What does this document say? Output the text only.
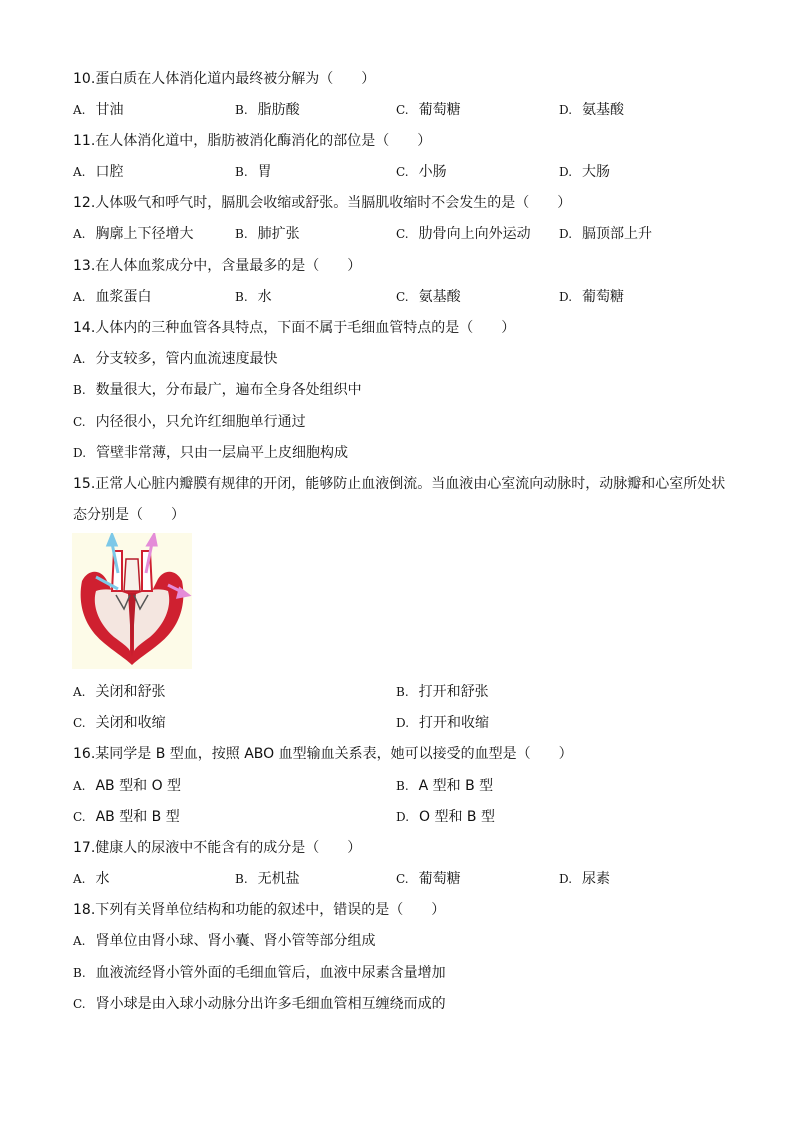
10.蛋白质在人体消化道内最终被分解为（　　）
A. 甘油	B. 脂肪酸	C. 葡萄糖	D. 氨基酸
11.在人体消化道中，脂肪被消化酶消化的部位是（　　）
A. 口腔	B. 胃	C. 小肠	D. 大肠
12.人体吸气和呼气时，膈肌会收缩或舒张。当膈肌收缩时不会发生的是（　　）
A. 胸廓上下径增大	B. 肺扩张	C. 肋骨向上向外运动 D. 膈顶部上升
13.在人体血浆成分中，含量最多的是（　　）
A. 血浆蛋白	B. 水	C. 氨基酸	D. 葡萄糖
14.人体内的三种血管各具特点，下面不属于毛细血管特点的是（　　）
A. 分支较多，管内血流速度最快
B. 数量很大，分布最广，遍布全身各处组织中
C. 内径很小，只允许红细胞单行通过
D. 管壁非常薄，只由一层扁平上皮细胞构成
15.正常人心脏内瓣膜有规律的开闭，能够防止血液倒流。当血液由心室流向动脉时，动脉瓣和心室所处状
态分别是（　　）
A. 关闭和舒张	B. 打开和舒张
C. 关闭和收缩	D. 打开和收缩
16.某同学是 B 型血，按照 ABO 血型输血关系表，她可以接受的血型是（　　）
A. AB 型和 O 型	B. A 型和 B 型
C. AB 型和 B 型	D. O 型和 B 型
17.健康人的尿液中不能含有的成分是（　　）
A. 水	B. 无机盐	C. 葡萄糖	D. 尿素
18.下列有关肾单位结构和功能的叙述中，错误的是（　　）
A. 肾单位由肾小球、肾小囊、肾小管等部分组成
B. 血液流经肾小管外面的毛细血管后，血液中尿素含量增加
C. 肾小球是由入球小动脉分出许多毛细血管相互缠绕而成的
